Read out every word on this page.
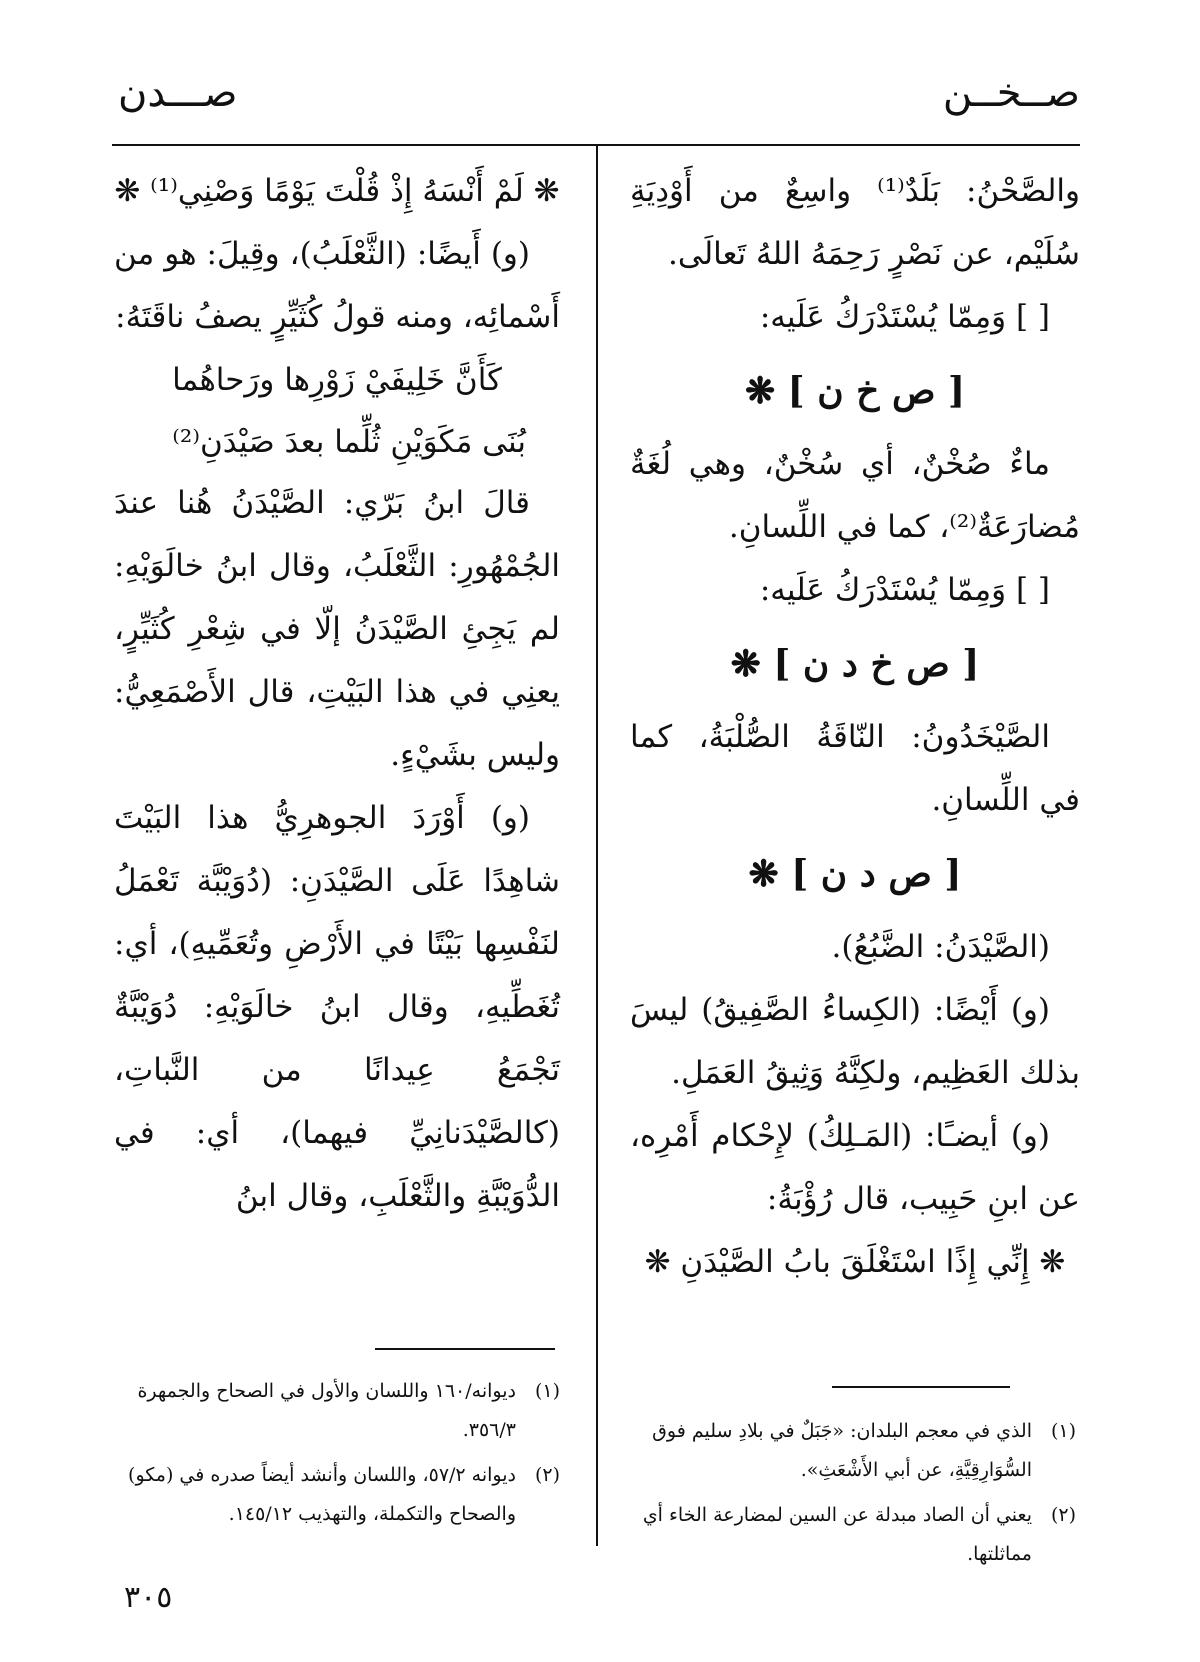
صــخــن
صـــدن
والصَّحْنُ: بَلَدٌ⁽¹⁾ واسِعٌ من أَوْدِيَةِ سُلَيْم، عن نَصْرٍ رَحِمَهُ اللهُ تَعالَى.
[ ] وَمِمّا يُسْتَدْرَكُ عَلَيه:
[ ص خ ن ] ❋
ماءٌ صُخْنٌ، أي سُخْنٌ، وهي لُغَةٌ مُضارَعَةٌ⁽²⁾، كما في اللِّسانِ.
[ ] وَمِمّا يُسْتَدْرَكُ عَلَيه:
[ ص خ د ن ] ❋
الصَّيْخَدُونُ: النّاقَةُ الصُّلْبَةُ، كما في اللِّسانِ.
[ ص د ن ] ❋
(الصَّيْدَنُ: الضَّبُعُ).
(و) أَيْضًا: (الكِساءُ الصَّفِيقُ) ليسَ بذلك العَظِيم، ولكِنَّهُ وَثِيقُ العَمَلِ.
(و) أيضـًا: (المَـلِكُ) لإِحْكام أَمْرِه، عن ابنِ حَبِيب، قال رُؤْبَةُ:
❋ إِنِّي إِذًا اسْتَغْلَقَ بابُ الصَّيْدَنِ ❋
❋ لَمْ أَنْسَهُ إِذْ قُلْتَ يَوْمًا وَصْنِي⁽¹⁾ ❋
(و) أَيضًا: (الثَّعْلَبُ)، وقِيلَ: هو من أَسْمائِه، ومنه قولُ كُثَيِّرٍ يصفُ ناقَتَهُ:
كَأَنَّ خَلِيفَيْ زَوْرِها ورَحاهُما
بُنَى مَكَوَيْنِ ثُلِّما بعدَ صَيْدَنِ⁽²⁾
قالَ ابنُ بَرّي: الصَّيْدَنُ هُنا عندَ الجُمْهُورِ: الثَّعْلَبُ، وقال ابنُ خالَوَيْهِ: لم يَجِئِ الصَّيْدَنُ إلّا في شِعْرِ كُثَيِّرٍ، يعنِي في هذا البَيْتِ، قال الأَصْمَعِيُّ: وليس بشَيْءٍ.
(و) أَوْرَدَ الجوهرِيُّ هذا البَيْتَ شاهِدًا عَلَى الصَّيْدَنِ: (دُوَيْبَّة تَعْمَلُ لنَفْسِها بَيْتًا في الأَرْضِ وتُعَمِّيهِ)، أي: تُغَطِّيهِ، وقال ابنُ خالَوَيْهِ: دُوَيْبَّةٌ تَجْمَعُ عِيدانًا من النَّباتِ، (كالصَّيْدَنانِيِّ فيهما)، أي: في الدُّوَيْبَّةِ والثَّعْلَبِ، وقال ابنُ
(١)
الذي في معجم البلدان: «جَبَلٌ في بلادِ سليم فوق السُّوَارِقِيَّةِ، عن أبي الأَشْعَثِ».
(٢)
يعني أن الصاد مبدلة عن السين لمضارعة الخاء أي مماثلتها.
(١)
ديوانه/١٦٠ واللسان والأول في الصحاح والجمهرة ٣٥٦/٣.
(٢)
ديوانه ٥٧/٢، واللسان وأنشد أيضاً صدره في (مكو) والصحاح والتكملة، والتهذيب ١٤٥/١٢.
٣٠٥
